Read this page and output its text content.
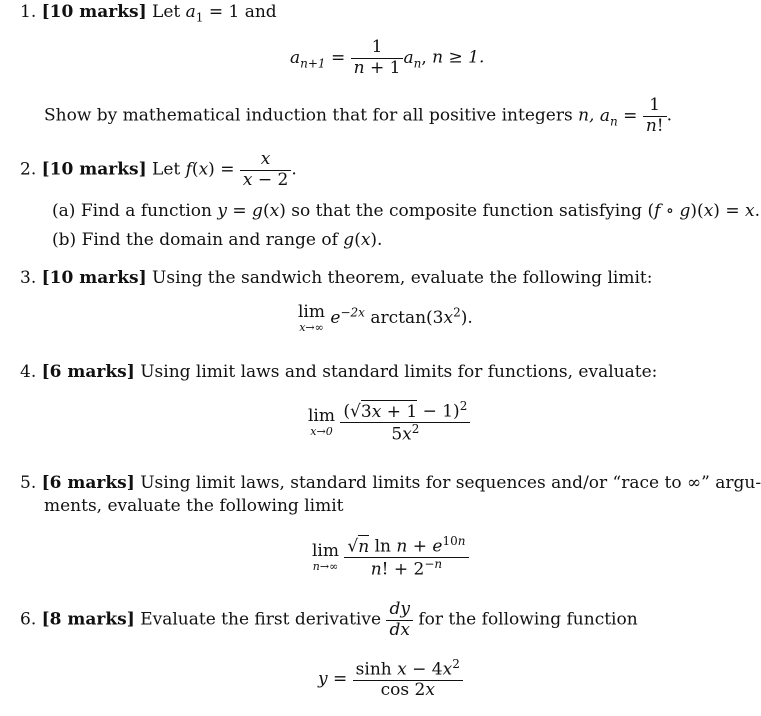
1. [10 marks] Let $a_1 = 1$ and
$a_{n+1} = \frac{1}{n + 1} a_n$, n ≥ 1.
Show by mathematical induction that for all positive integers n, $a_n = \frac{1}{n!}$ .
2. [10 marks] Let $f(x) = \frac{x}{x - 2}$ .
(a) Find a function y = g(x) so that the composite function satisfying (f ∘ g)(x) = x.
(b) Find the domain and range of g(x).
3. [10 marks] Using the sandwich theorem, evaluate the following limit:
lim
x→∞ $e^{-2x}$ $\arctan(3x^2)$.
4. [6 marks] Using limit laws and standard limits for functions, evaluate:
lim
x→0
$\frac{(√3x + 1 - 1)^2}{5x^2}$
5. [6 marks] Using limit laws, standard limits for sequences and/or “race to ∞” argu-
ments, evaluate the following limit
lim
n→∞
$\frac{√n \ln n + e^{10n}}{n! + 2^{-n}}$
6. [8 marks] Evaluate the first derivative $\frac{dy}{dx}$ for the following function
$y = \frac{\sinh x - 4x^2}{\cos 2x}$
